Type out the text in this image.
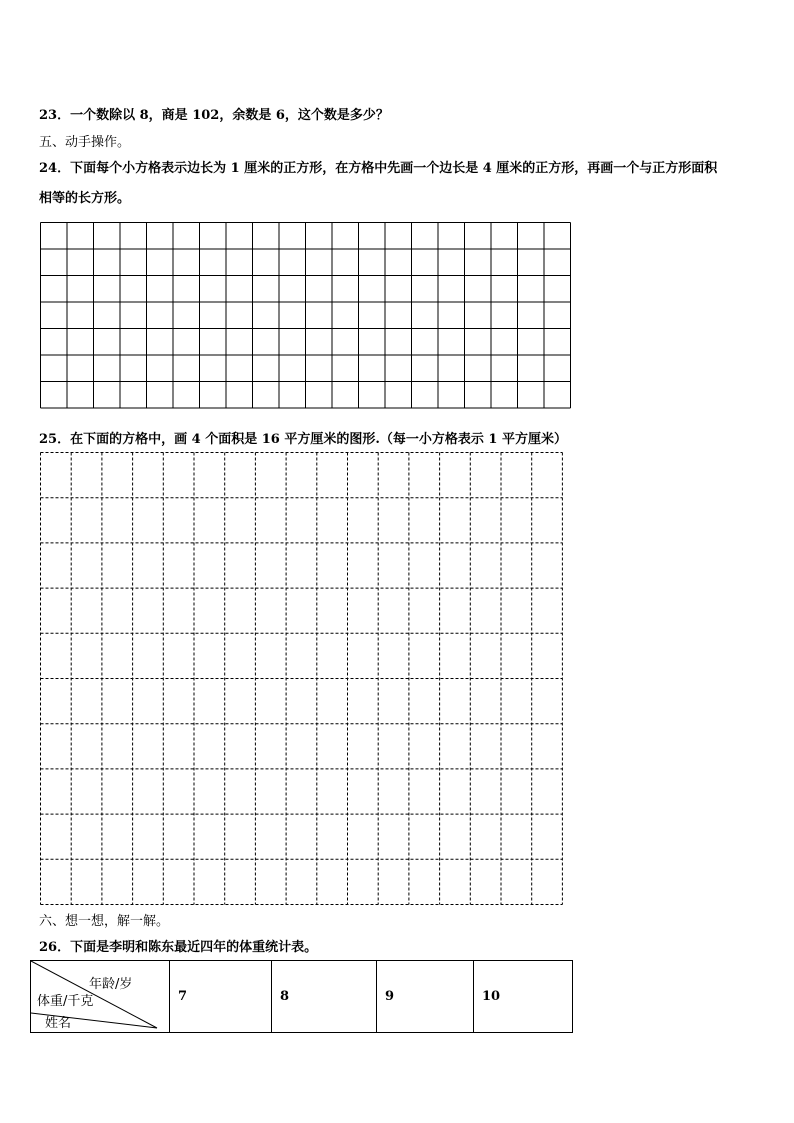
23．一个数除以 8，商是 102，余数是 6，这个数是多少？
五、动手操作。
24．下面每个小方格表示边长为 1 厘米的正方形，在方格中先画一个边长是 4 厘米的正方形，再画一个与正方形面积
相等的长方形。
25．在下面的方格中，画 4 个面积是 16 平方厘米的图形.（每一小方格表示 1 平方厘米）
六、想一想，解一解。
26．下面是李明和陈东最近四年的体重统计表。
年龄/岁
体重/千克
姓名
	7	8	9	10
